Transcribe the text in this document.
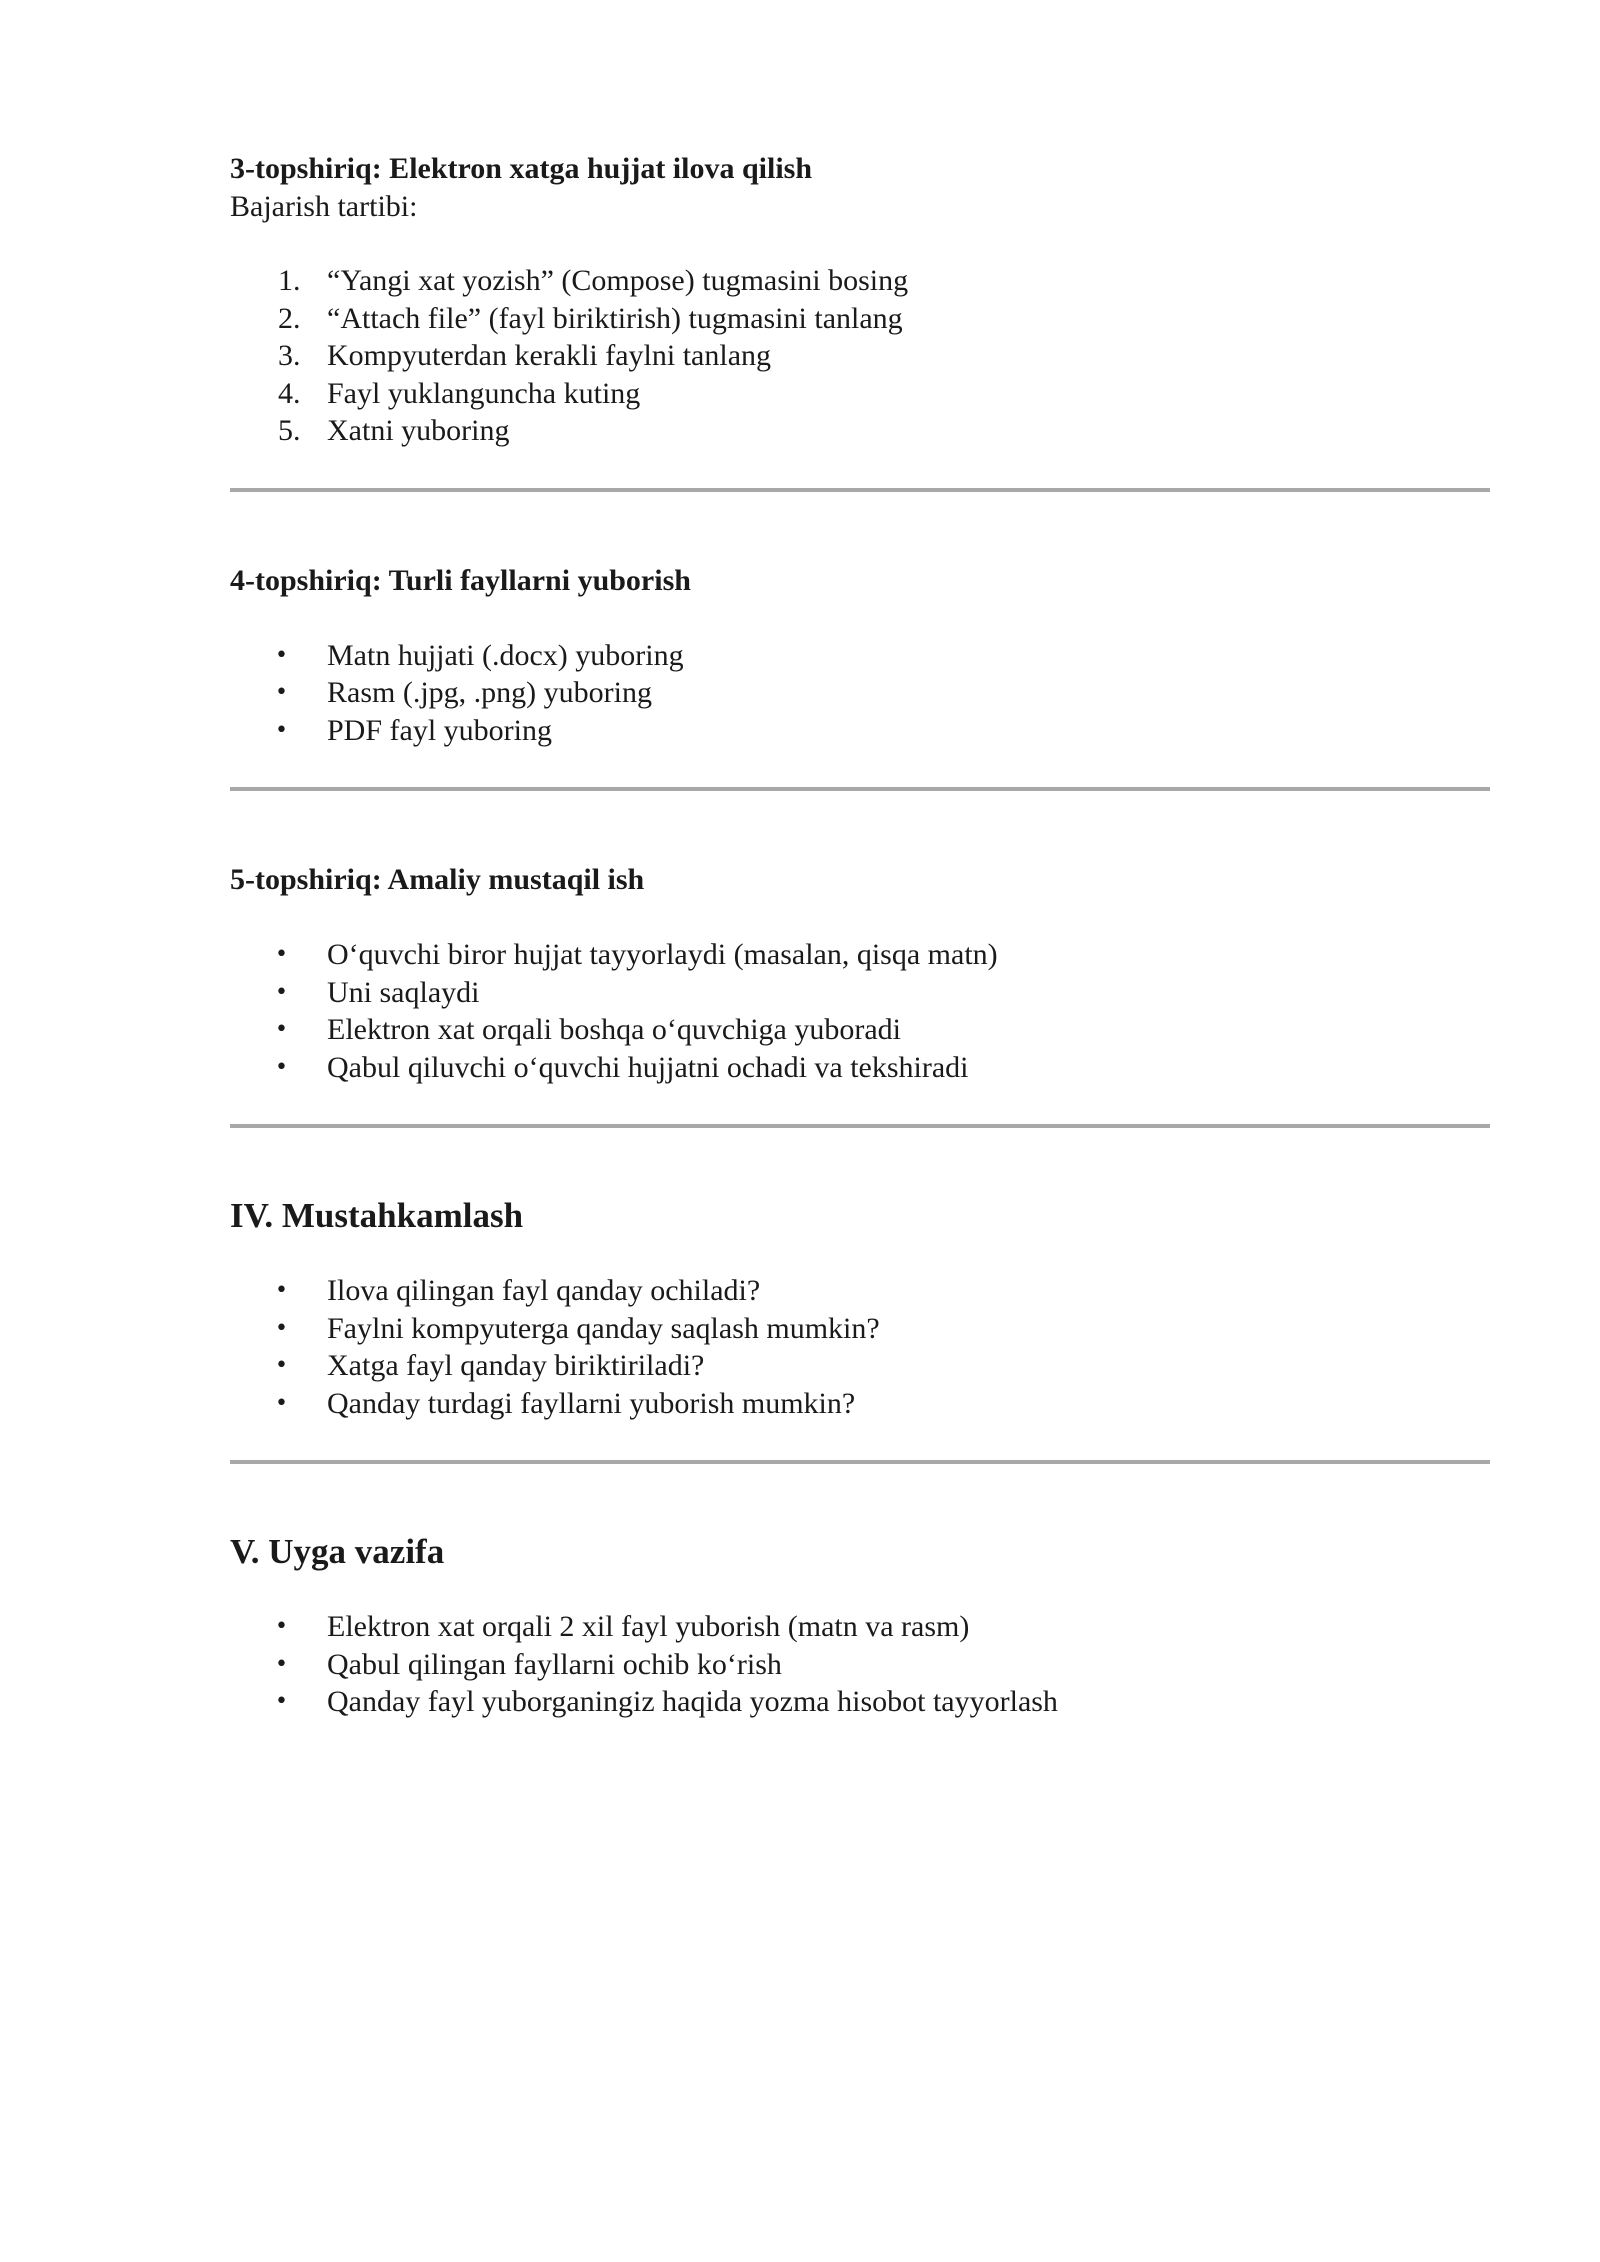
3-topshiriq: Elektron xatga hujjat ilova qilish

Bajarish tartibi:

1. “Yangi xat yozish” (Compose) tugmasini bosing
2. “Attach file” (fayl biriktirish) tugmasini tanlang
3. Kompyuterdan kerakli faylni tanlang
4. Fayl yuklanguncha kuting
5. Xatni yuboring

4-topshiriq: Turli fayllarni yuborish

• Matn hujjati (.docx) yuboring
• Rasm (.jpg, .png) yuboring
• PDF fayl yuboring

5-topshiriq: Amaliy mustaqil ish

• O‘quvchi biror hujjat tayyorlaydi (masalan, qisqa matn)
• Uni saqlaydi
• Elektron xat orqali boshqa o‘quvchiga yuboradi
• Qabul qiluvchi o‘quvchi hujjatni ochadi va tekshiradi
IV. Mustahkamlash
• Ilova qilingan fayl qanday ochiladi?
• Faylni kompyuterga qanday saqlash mumkin?
• Xatga fayl qanday biriktiriladi?
• Qanday turdagi fayllarni yuborish mumkin?
V. Uyga vazifa
• Elektron xat orqali 2 xil fayl yuborish (matn va rasm)
• Qabul qilingan fayllarni ochib ko‘rish
• Qanday fayl yuborganingiz haqida yozma hisobot tayyorlash
